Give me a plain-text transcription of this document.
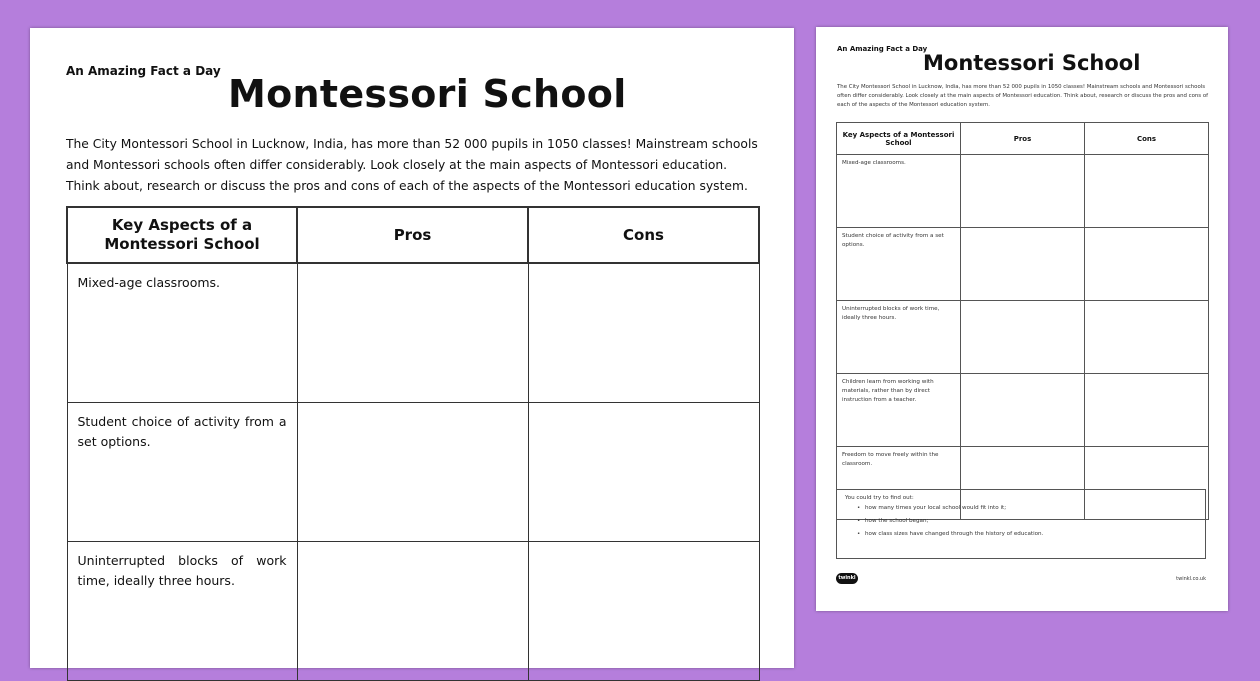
An Amazing Fact a Day
Montessori School
The City Montessori School in Lucknow, India, has more than 52 000 pupils in 1050 classes! Mainstream schools and Montessori schools often differ considerably. Look closely at the main aspects of Montessori education. Think about, research or discuss the pros and cons of each of the aspects of the Montessori education system.
Key Aspects of a Montessori School	Pros	Cons
Mixed-age classrooms.		
Student choice of activity from a set options.		
Uninterrupted blocks of work time, ideally three hours.		
An Amazing Fact a Day
Montessori School
The City Montessori School in Lucknow, India, has more than 52 000 pupils in 1050 classes! Mainstream schools and Montessori schools often differ considerably. Look closely at the main aspects of Montessori education. Think about, research or discuss the pros and cons of each of the aspects of the Montessori education system.
Key Aspects of a Montessori School	Pros	Cons
Mixed-age classrooms.		
Student choice of activity from a set options.		
Uninterrupted blocks of work time, ideally three hours.		
Children learn from working with materials, rather than by direct instruction from a teacher.		
Freedom to move freely within the classroom.		
You could try to find out:
• how many times your local school would fit into it;
• how the school began;
• how class sizes have changed through the history of education.
twinkl	twinkl.co.uk
